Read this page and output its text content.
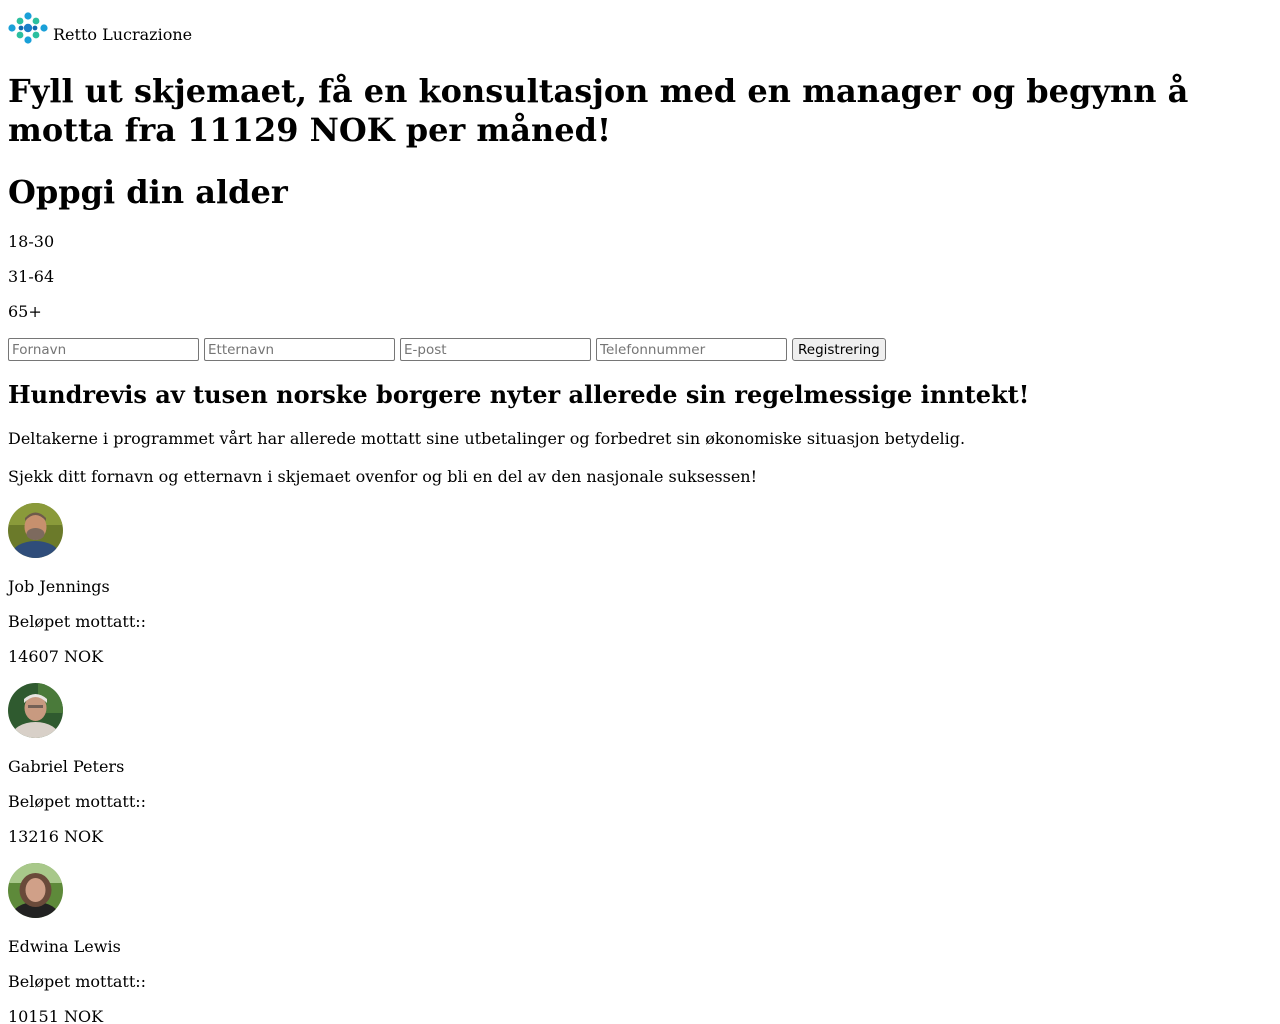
Retto Lucrazione
Fyll ut skjemaet, få en konsultasjon med en manager og begynn å motta fra 11129 NOK per måned!
Oppgi din alder

18-30

31-64

65+

Fornavn
Etternavn
E-post
Telefonnummer
Registrering
Hundrevis av tusen norske borgere nyter allerede sin regelmessige inntekt!

Deltakerne i programmet vårt har allerede mottatt sine utbetalinger og forbedret sin økonomiske situasjon betydelig.

Sjekk ditt fornavn og etternavn i skjemaet ovenfor og bli en del av den nasjonale suksessen!

Job Jennings

Beløpet mottatt::

14607 NOK

Gabriel Peters

Beløpet mottatt::

13216 NOK

Edwina Lewis

Beløpet mottatt::

10151 NOK
